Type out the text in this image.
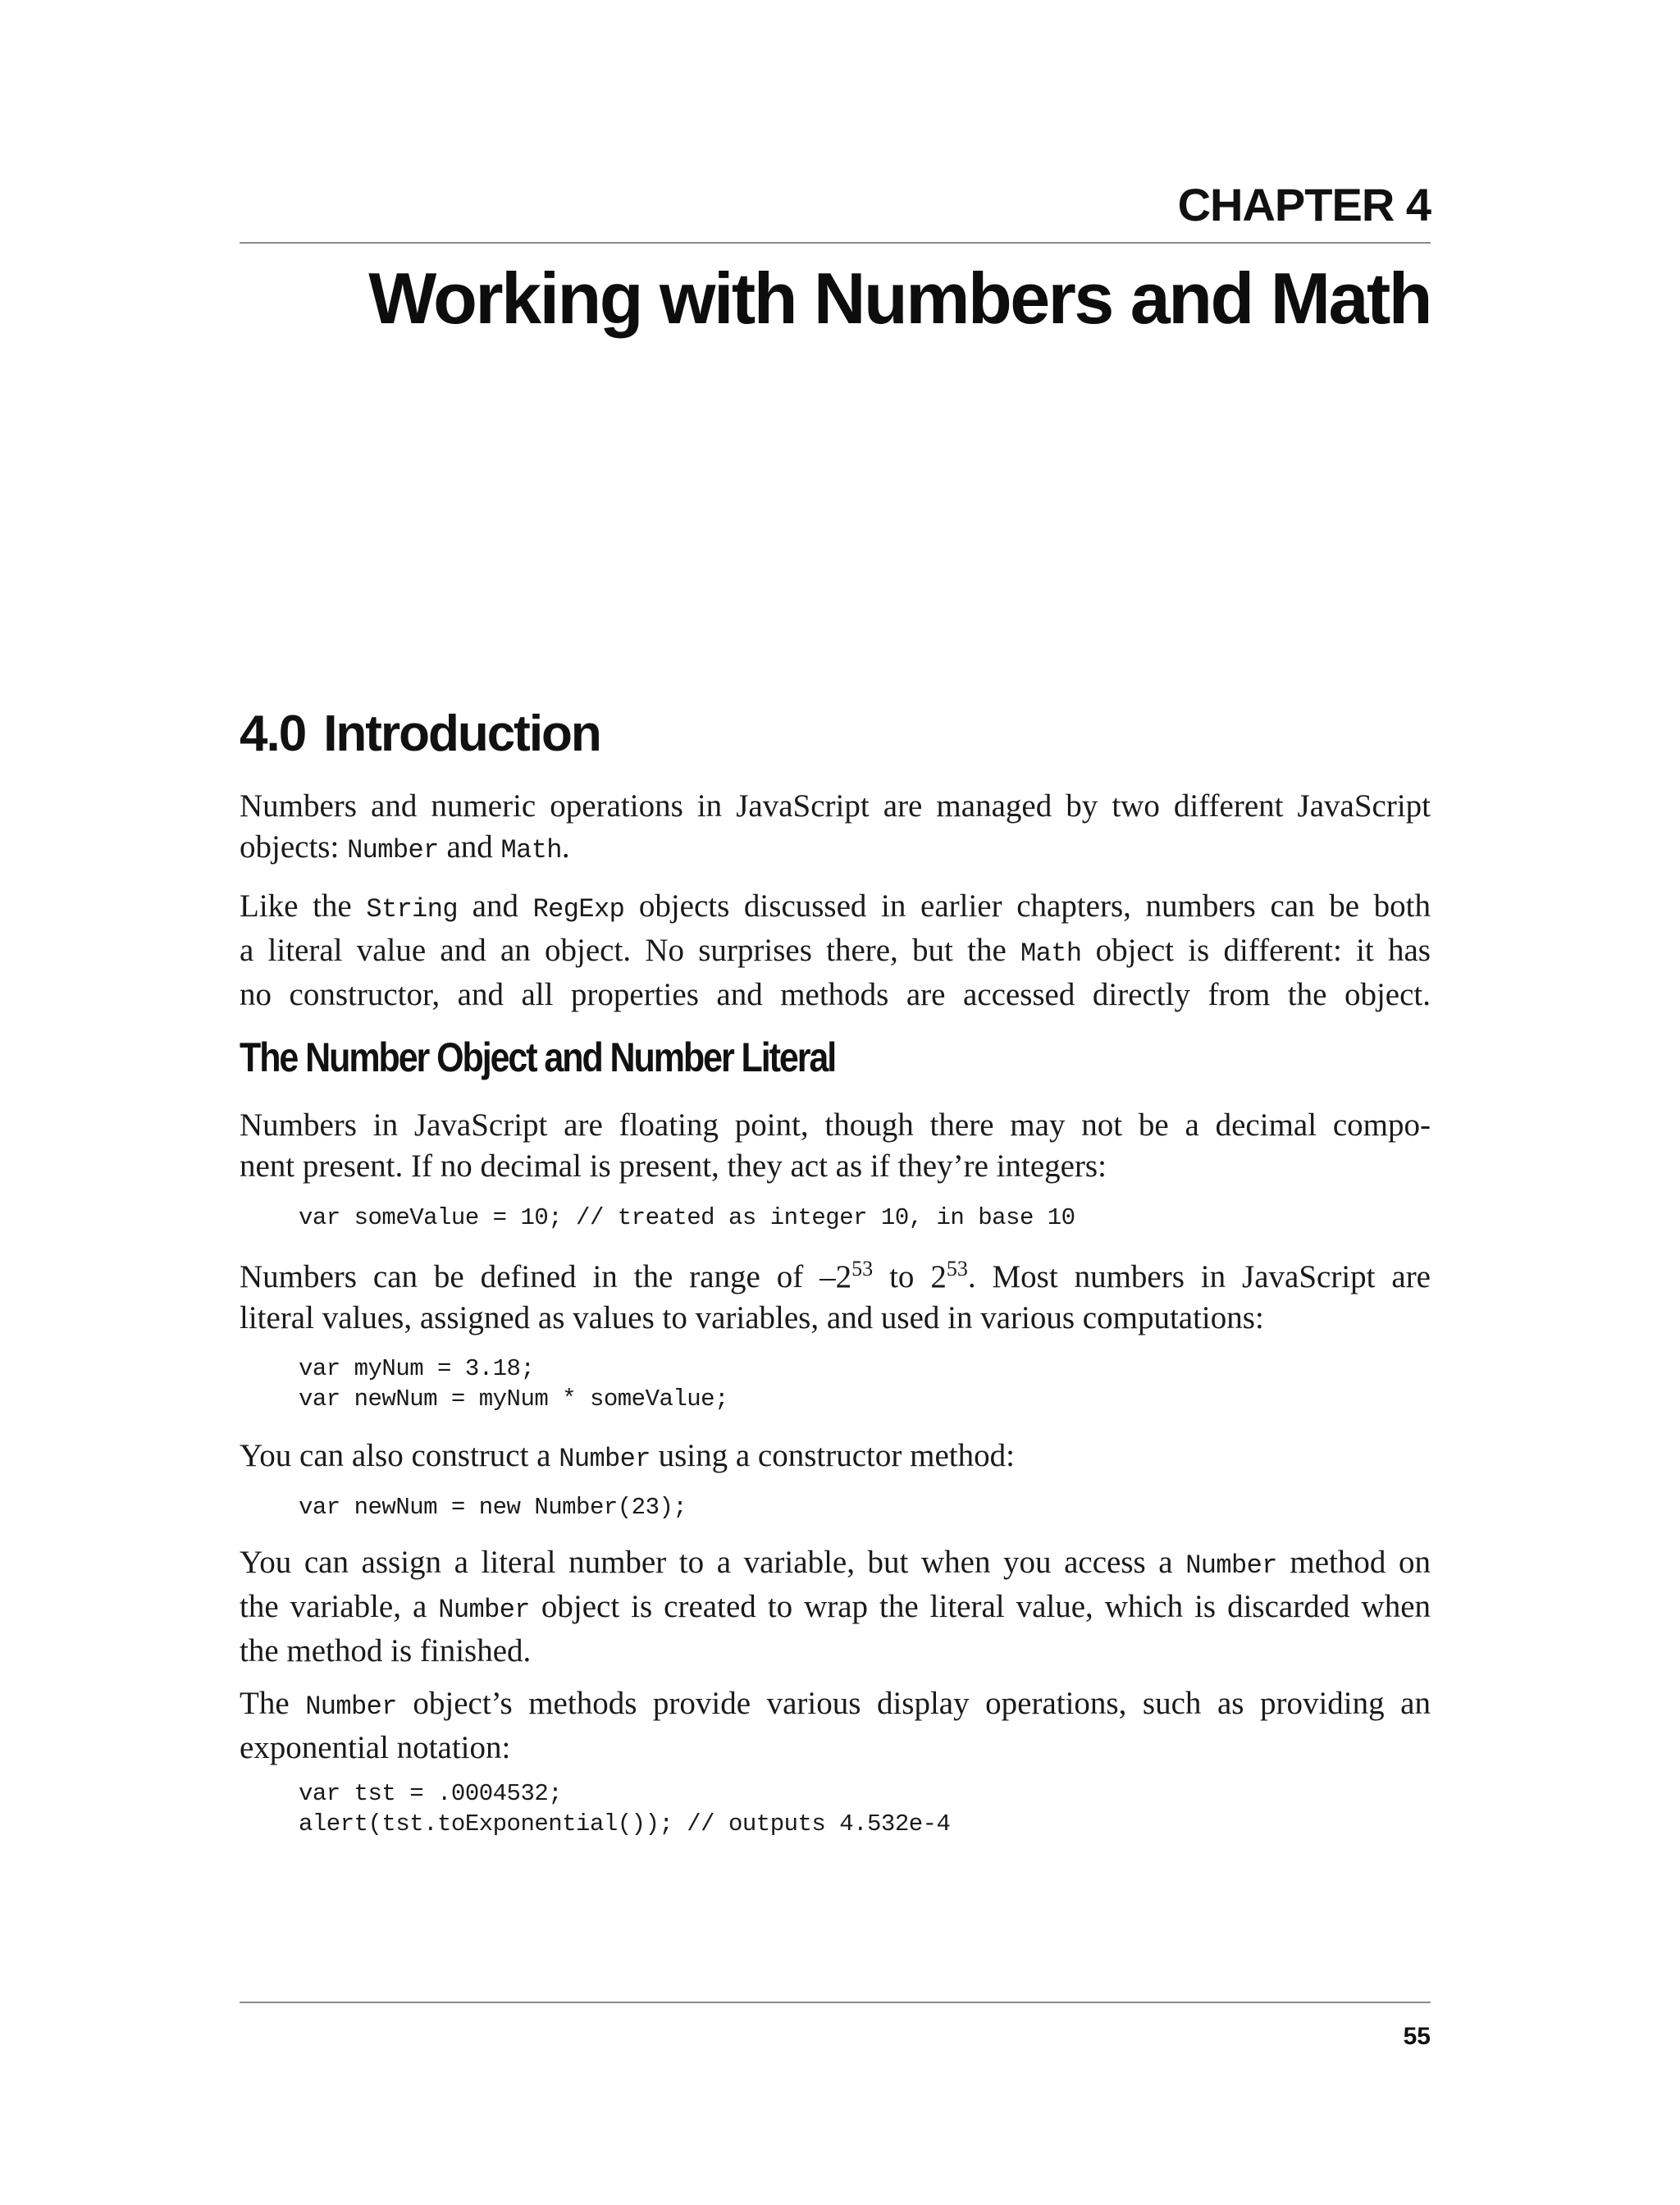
CHAPTER 4
Working with Numbers and Math
4.0 Introduction
Numbers and numeric operations in JavaScript are managed by two different JavaScript
objects: Number and Math.
Like the String and RegExp objects discussed in earlier chapters, numbers can be both
a literal value and an object. No surprises there, but the Math object is different: it has
no constructor, and all properties and methods are accessed directly from the object.
The Number Object and Number Literal
Numbers in JavaScript are floating point, though there may not be a decimal compo-
nent present. If no decimal is present, they act as if they’re integers:
var someValue = 10; // treated as integer 10, in base 10
Numbers can be defined in the range of $-2^{53}$ to $2^{53}$. Most numbers in JavaScript are
literal values, assigned as values to variables, and used in various computations:
var myNum = 3.18;
var newNum = myNum * someValue;
You can also construct a Number using a constructor method:
var newNum = new Number(23);
You can assign a literal number to a variable, but when you access a Number method on
the variable, a Number object is created to wrap the literal value, which is discarded when
the method is finished.
The Number object’s methods provide various display operations, such as providing an
exponential notation:
var tst = .0004532;
alert(tst.toExponential()); // outputs 4.532e-4
55
